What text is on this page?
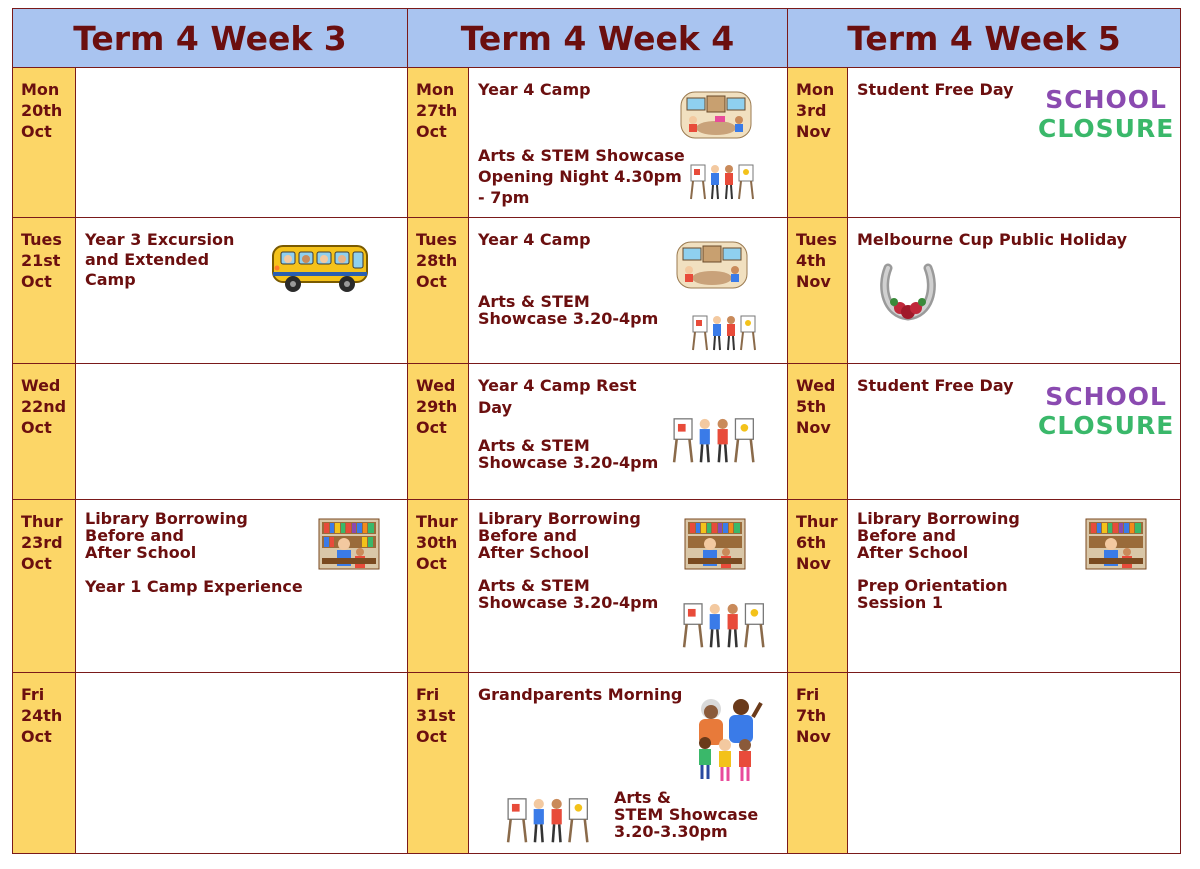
Term 4 Week 3	Term 4 Week 4	Term 4 Week 5
Mon
20th
Oct
Tues
21st
Oct
Year 3 Excursion
and Extended
Camp
Wed
22nd
Oct
Thur
23rd
Oct
Library Borrowing
Before and
After School
Year 1 Camp Experience
Fri
24th
Oct
Mon
27th
Oct
Year 4 Camp
Arts & STEM Showcase
Opening Night 4.30pm
- 7pm
Tues
28th
Oct
Year 4 Camp
Arts & STEM
Showcase 3.20-4pm
Wed
29th
Oct
Year 4 Camp Rest
Day
Arts & STEM
Showcase 3.20-4pm
Thur
30th
Oct
Library Borrowing
Before and
After School
Arts & STEM
Showcase 3.20-4pm
Fri
31st
Oct
Grandparents Morning
Arts &
STEM Showcase
3.20-3.30pm
Mon
3rd
Nov
Student Free Day SCHOOL
CLOSURE
Tues
4th
Nov
Melbourne Cup Public Holiday
Wed
5th
Nov
Student Free Day SCHOOL
CLOSURE
Thur
6th
Nov
Library Borrowing
Before and
After School
Prep Orientation
Session 1
Fri
7th
Nov
